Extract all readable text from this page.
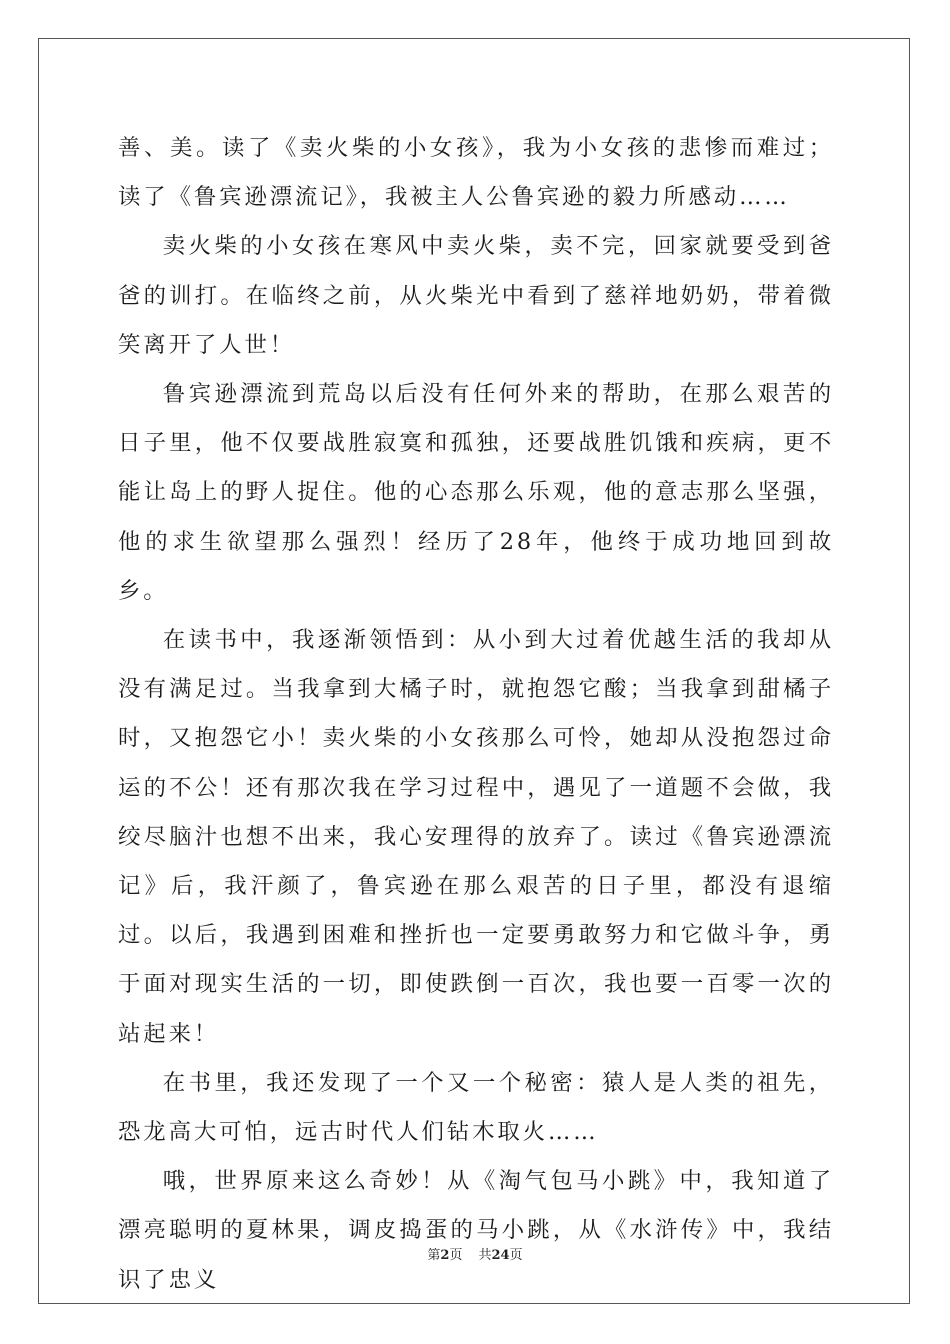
善、美。读了《卖火柴的小女孩》，我为小女孩的悲惨而难过；读了《鲁宾逊漂流记》，我被主人公鲁宾逊的毅力所感动……

卖火柴的小女孩在寒风中卖火柴，卖不完，回家就要受到爸爸的训打。在临终之前，从火柴光中看到了慈祥地奶奶，带着微笑离开了人世！

鲁宾逊漂流到荒岛以后没有任何外来的帮助，在那么艰苦的日子里，他不仅要战胜寂寞和孤独，还要战胜饥饿和疾病，更不能让岛上的野人捉住。他的心态那么乐观，他的意志那么坚强，他的求生欲望那么强烈！经历了28年，他终于成功地回到故乡。

在读书中，我逐渐领悟到：从小到大过着优越生活的我却从没有满足过。当我拿到大橘子时，就抱怨它酸；当我拿到甜橘子时，又抱怨它小！卖火柴的小女孩那么可怜，她却从没抱怨过命运的不公！还有那次我在学习过程中，遇见了一道题不会做，我绞尽脑汁也想不出来，我心安理得的放弃了。读过《鲁宾逊漂流记》后，我汗颜了，鲁宾逊在那么艰苦的日子里，都没有退缩过。以后，我遇到困难和挫折也一定要勇敢努力和它做斗争，勇于面对现实生活的一切，即使跌倒一百次，我也要一百零一次的站起来！

在书里，我还发现了一个又一个秘密：猿人是人类的祖先，恐龙高大可怕，远古时代人们钻木取火……

哦，世界原来这么奇妙！从《淘气包马小跳》中，我知道了漂亮聪明的夏林果，调皮捣蛋的马小跳，从《水浒传》中，我结识了忠义

第2页 共24页
